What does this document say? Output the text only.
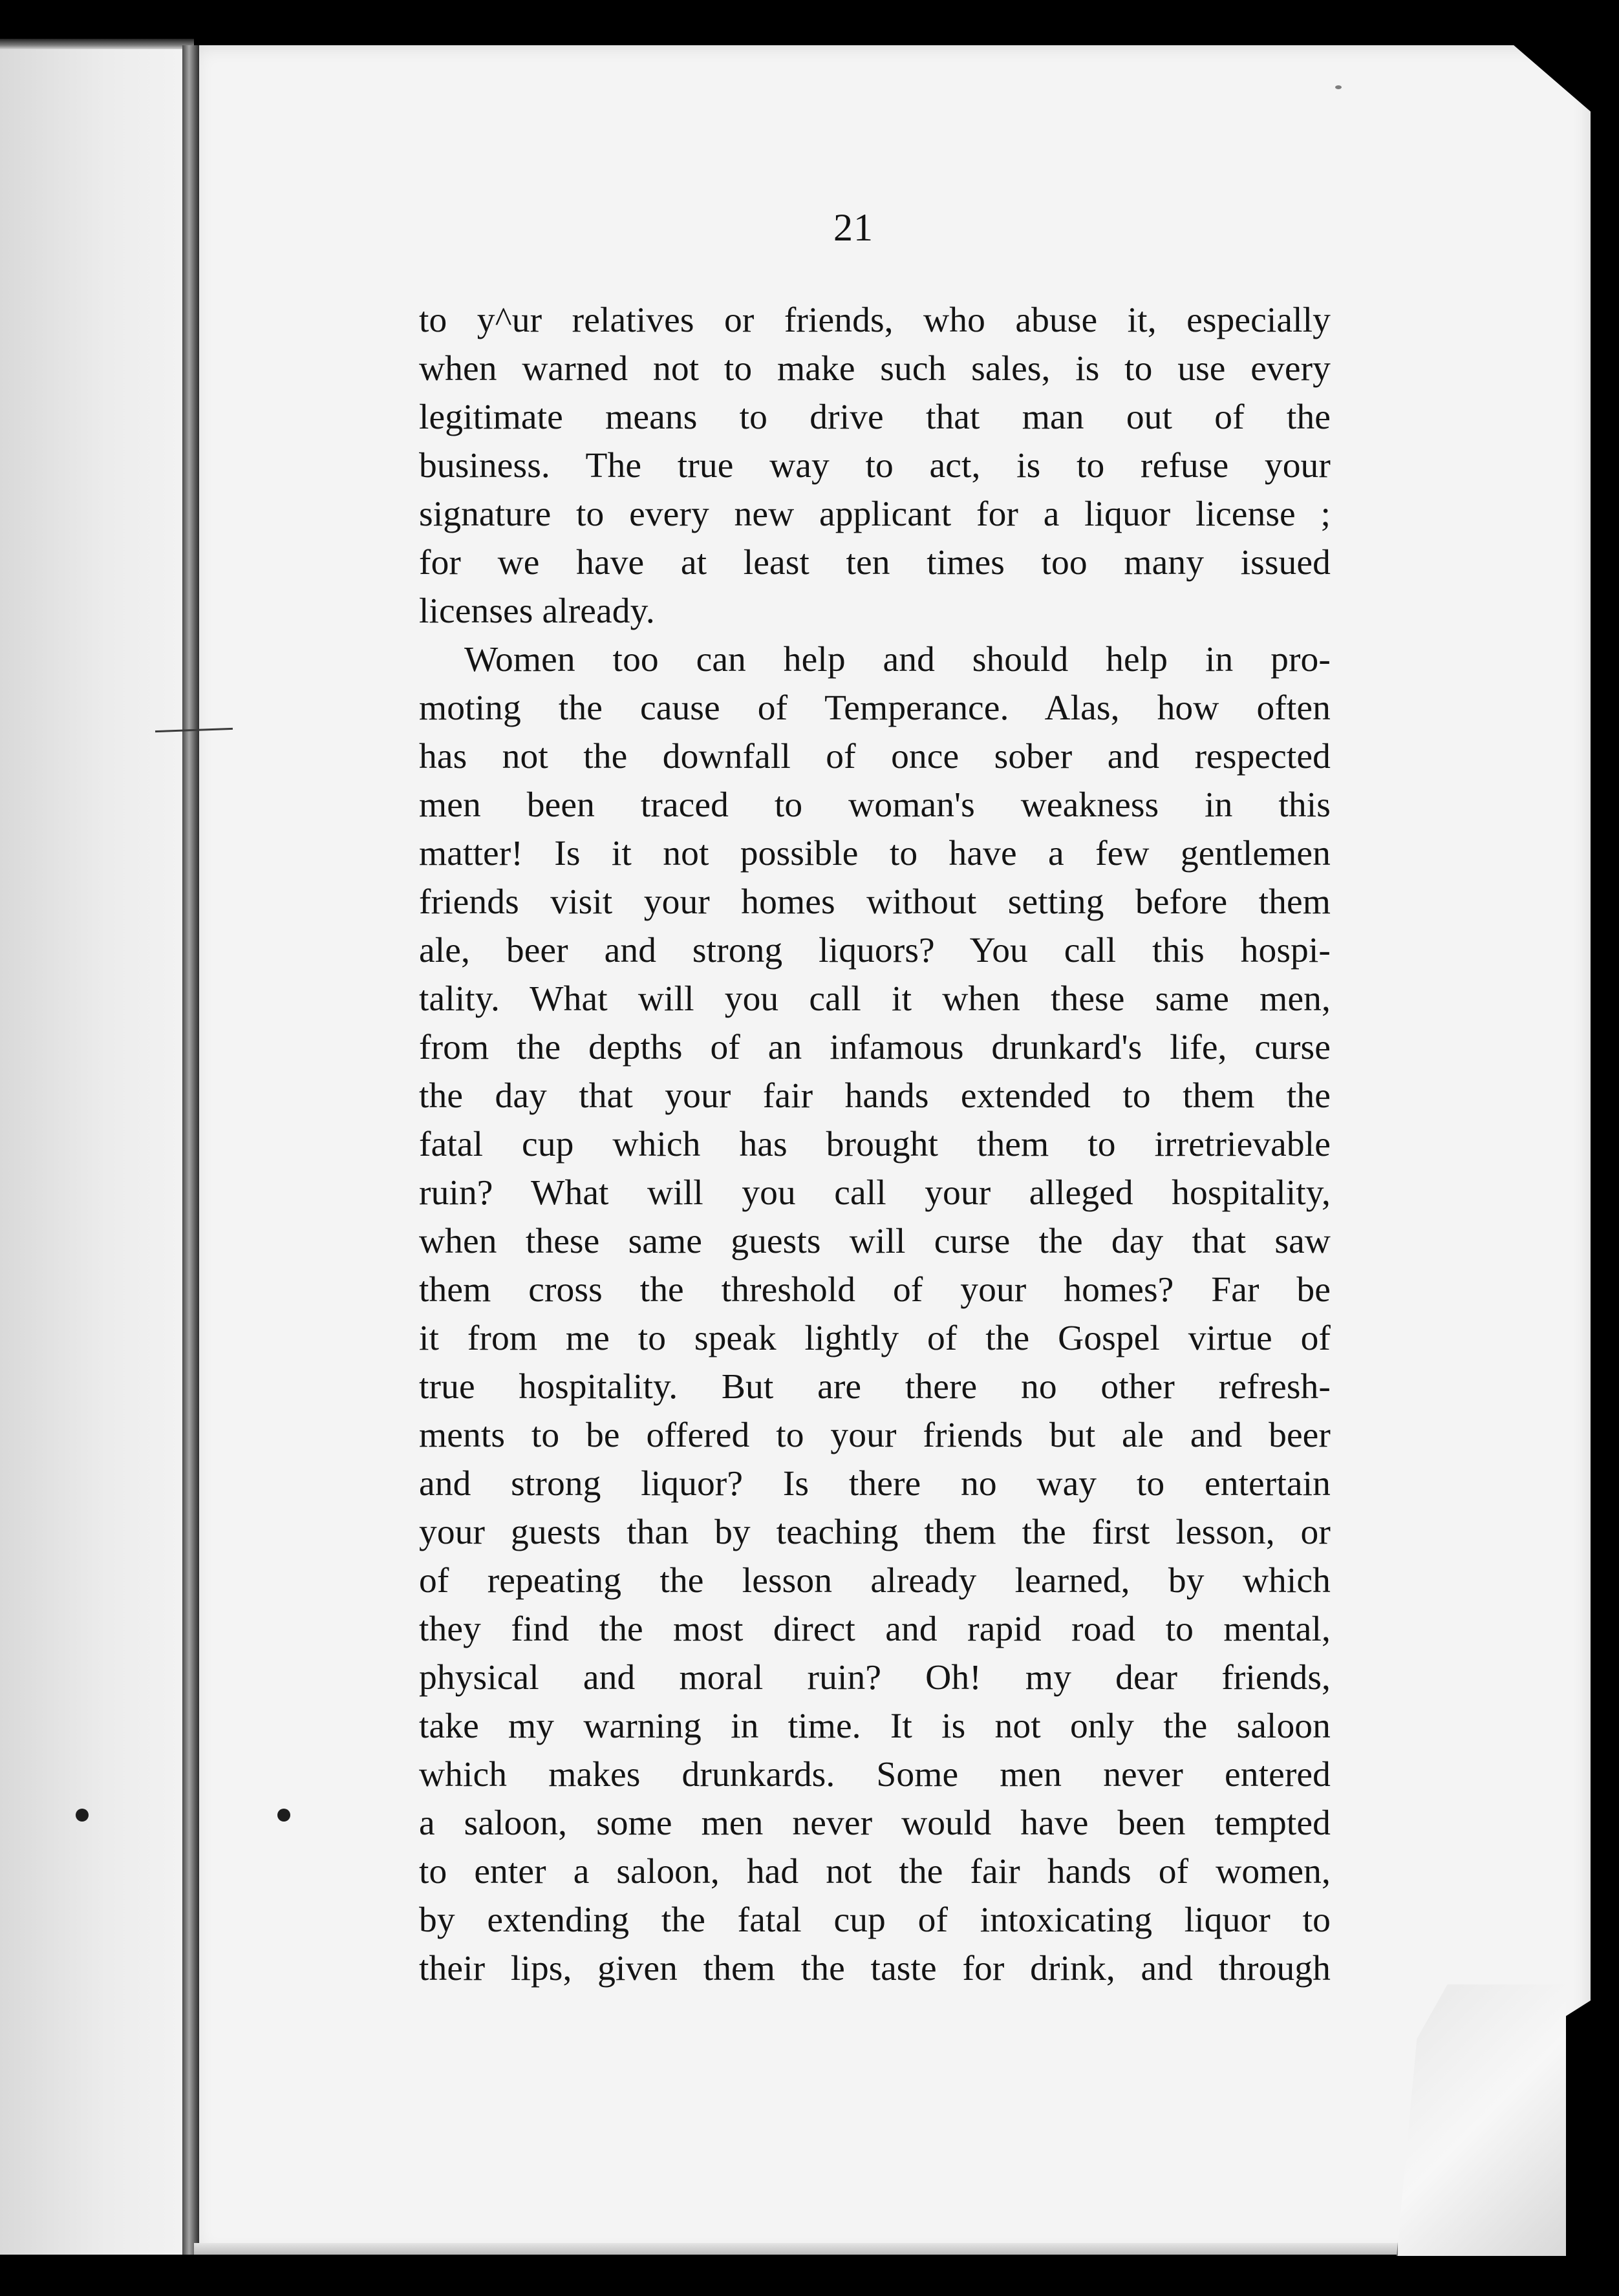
21
to y^ur relatives or friends, who abuse it, especially
when warned not to make such sales, is to use every
legitimate means to drive that man out of the
business. The true way to act, is to refuse your
signature to every new applicant for a liquor license ;
for we have at least ten times too many issued
licenses already.
Women too can help and should help in pro-
moting the cause of Temperance. Alas, how often
has not the downfall of once sober and respected
men been traced to woman's weakness in this
matter! Is it not possible to have a few gentlemen
friends visit your homes without setting before them
ale, beer and strong liquors? You call this hospi-
tality. What will you call it when these same men,
from the depths of an infamous drunkard's life, curse
the day that your fair hands extended to them the
fatal cup which has brought them to irretrievable
ruin? What will you call your alleged hospitality,
when these same guests will curse the day that saw
them cross the threshold of your homes? Far be
it from me to speak lightly of the Gospel virtue of
true hospitality. But are there no other refresh-
ments to be offered to your friends but ale and beer
and strong liquor? Is there no way to entertain
your guests than by teaching them the first lesson, or
of repeating the lesson already learned, by which
they find the most direct and rapid road to mental,
physical and moral ruin? Oh! my dear friends,
take my warning in time. It is not only the saloon
which makes drunkards. Some men never entered
a saloon, some men never would have been tempted
to enter a saloon, had not the fair hands of women,
by extending the fatal cup of intoxicating liquor to
their lips, given them the taste for drink, and through
